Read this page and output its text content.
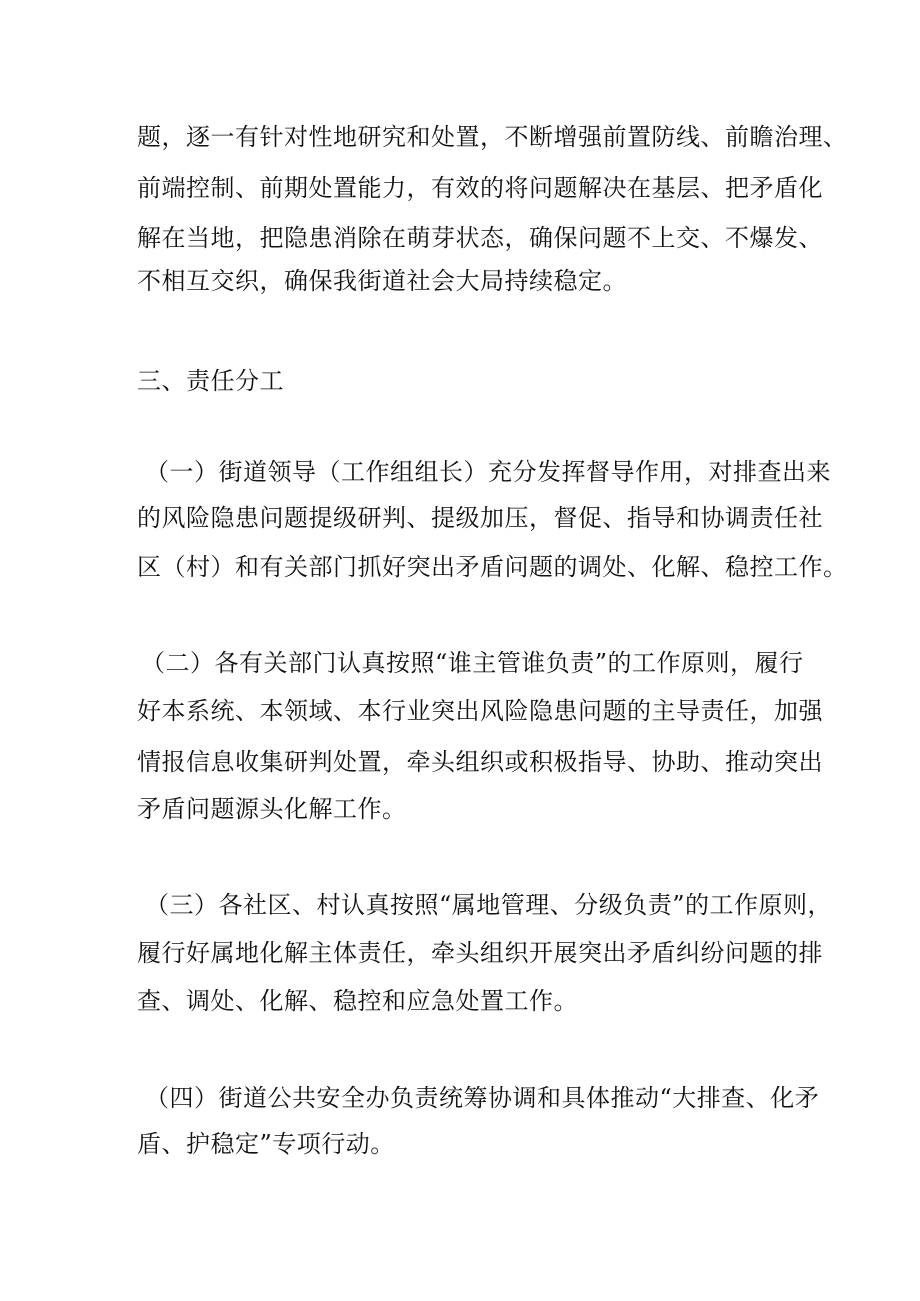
题，逐一有针对性地研究和处置，不断增强前置防线、前瞻治理、

前端控制、前期处置能力，有效的将问题解决在基层、把矛盾化

解在当地，把隐患消除在萌芽状态，确保问题不上交、不爆发、

不相互交织，确保我街道社会大局持续稳定。

三、责任分工

（一）街道领导（工作组组长）充分发挥督导作用，对排查出来

的风险隐患问题提级研判、提级加压，督促、指导和协调责任社

区（村）和有关部门抓好突出矛盾问题的调处、化解、稳控工作。

（二）各有关部门认真按照“谁主管谁负责”的工作原则，履行

好本系统、本领域、本行业突出风险隐患问题的主导责任，加强

情报信息收集研判处置，牵头组织或积极指导、协助、推动突出

矛盾问题源头化解工作。

（三）各社区、村认真按照“属地管理、分级负责”的工作原则，

履行好属地化解主体责任，牵头组织开展突出矛盾纠纷问题的排

查、调处、化解、稳控和应急处置工作。

（四）街道公共安全办负责统筹协调和具体推动“大排查、化矛

盾、护稳定”专项行动。
